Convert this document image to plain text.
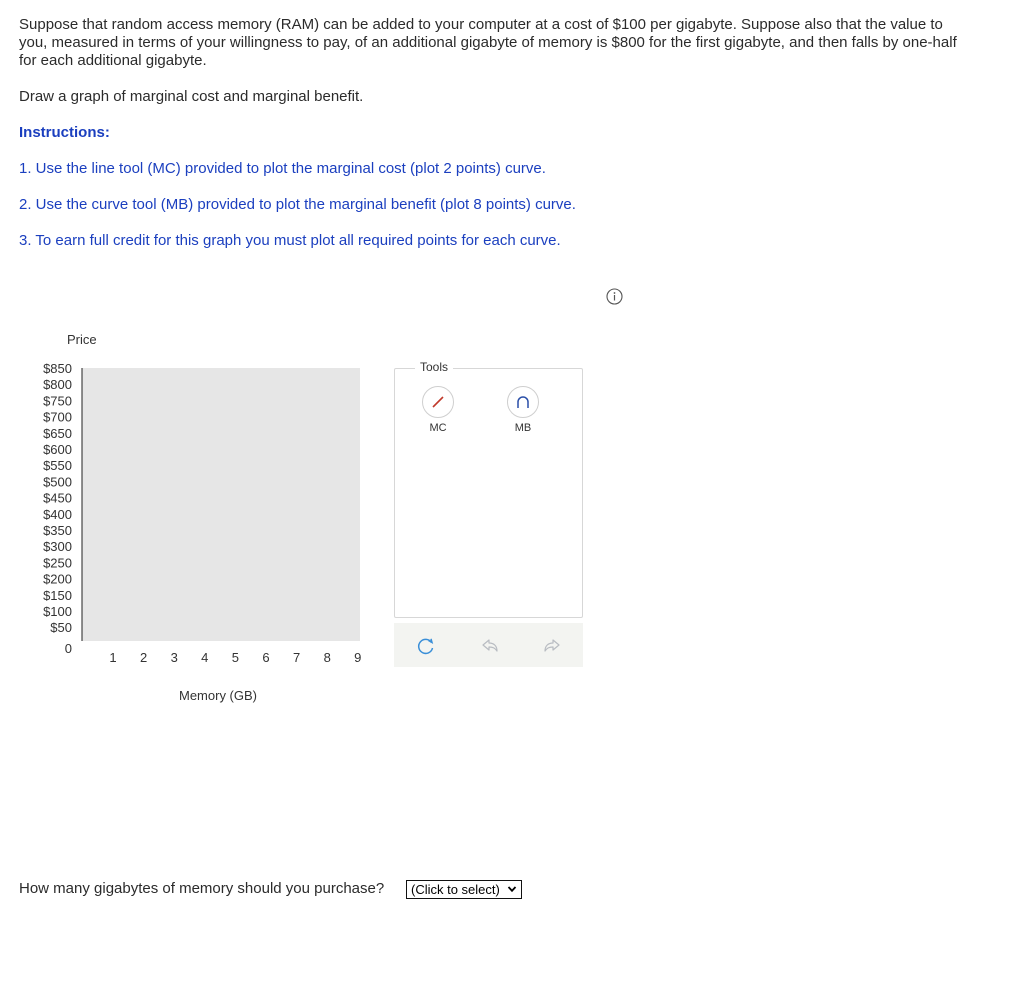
Suppose that random access memory (RAM) can be added to your computer at a cost of $100 per gigabyte. Suppose also that the value to you, measured in terms of your willingness to pay, of an additional gigabyte of memory is $800 for the first gigabyte, and then falls by one-half for each additional gigabyte.
Draw a graph of marginal cost and marginal benefit.
Instructions:
1. Use the line tool (MC) provided to plot the marginal cost (plot 2 points) curve.
2. Use the curve tool (MB) provided to plot the marginal benefit (plot 8 points) curve.
3. To earn full credit for this graph you must plot all required points for each curve.
Price
$850
$800
$750
$700
$650
$600
$550
$500
$450
$400
$350
$300
$250
$200
$150
$100
$50
0
1 2 3 4 5 6 7 8 9
Memory (GB)
Tools
MC	MB
How many gigabytes of memory should you purchase?	(Click to select)
